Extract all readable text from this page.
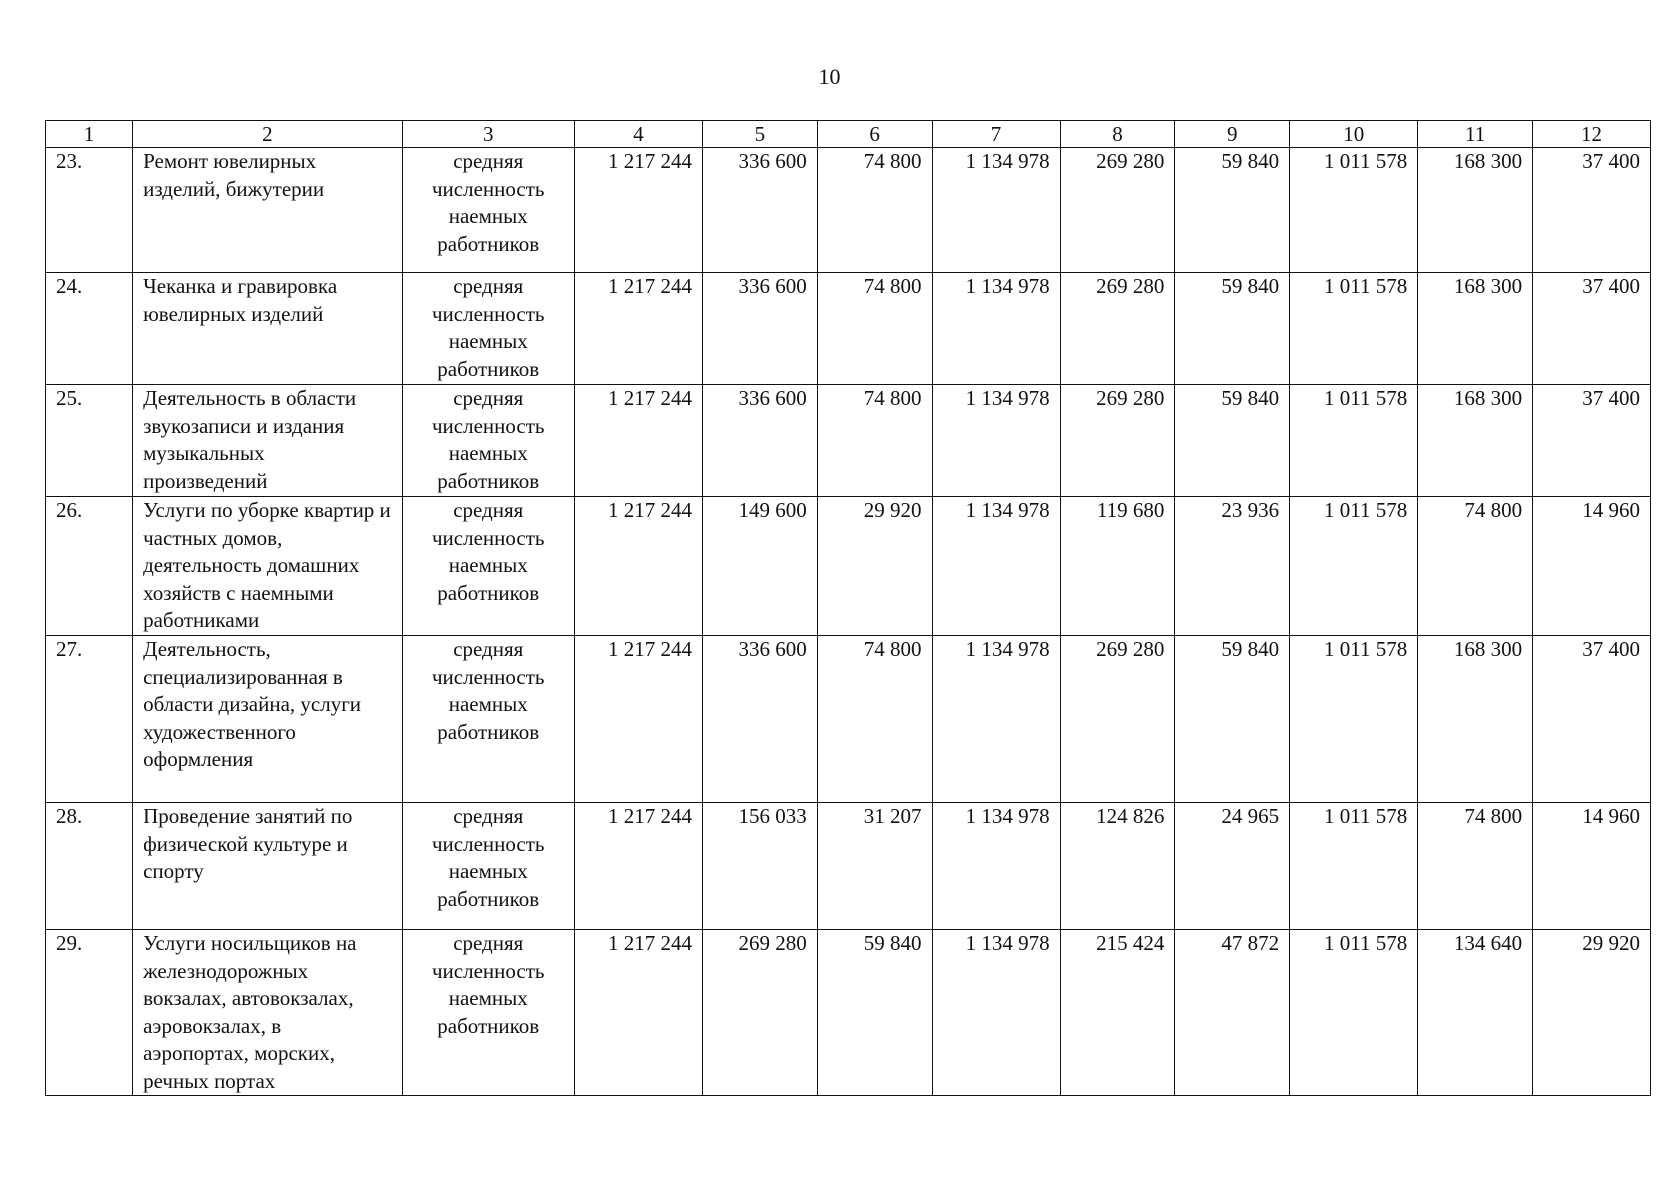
10
1	2	3	4	5	6	7	8	9	10	11	12
23.	Ремонт ювелирных изделий, бижутерии	средняя численность наемных работников	1 217 244	336 600	74 800	1 134 978	269 280	59 840	1 011 578	168 300	37 400
24.	Чеканка и гравировка ювелирных изделий	средняя численность наемных работников	1 217 244	336 600	74 800	1 134 978	269 280	59 840	1 011 578	168 300	37 400
25.	Деятельность в области звукозаписи и издания музыкальных произведений	средняя численность наемных работников	1 217 244	336 600	74 800	1 134 978	269 280	59 840	1 011 578	168 300	37 400
26.	Услуги по уборке квартир и частных домов, деятельность домашних хозяйств с наемными работниками	средняя численность наемных работников	1 217 244	149 600	29 920	1 134 978	119 680	23 936	1 011 578	74 800	14 960
27.	Деятельность, специализированная в области дизайна, услуги художественного оформления	средняя численность наемных работников	1 217 244	336 600	74 800	1 134 978	269 280	59 840	1 011 578	168 300	37 400
28.	Проведение занятий по физической культуре и спорту	средняя численность наемных работников	1 217 244	156 033	31 207	1 134 978	124 826	24 965	1 011 578	74 800	14 960
29.	Услуги носильщиков на железнодорожных вокзалах, автовокзалах, аэровокзалах, в аэропортах, морских, речных портах	средняя численность наемных работников	1 217 244	269 280	59 840	1 134 978	215 424	47 872	1 011 578	134 640	29 920
